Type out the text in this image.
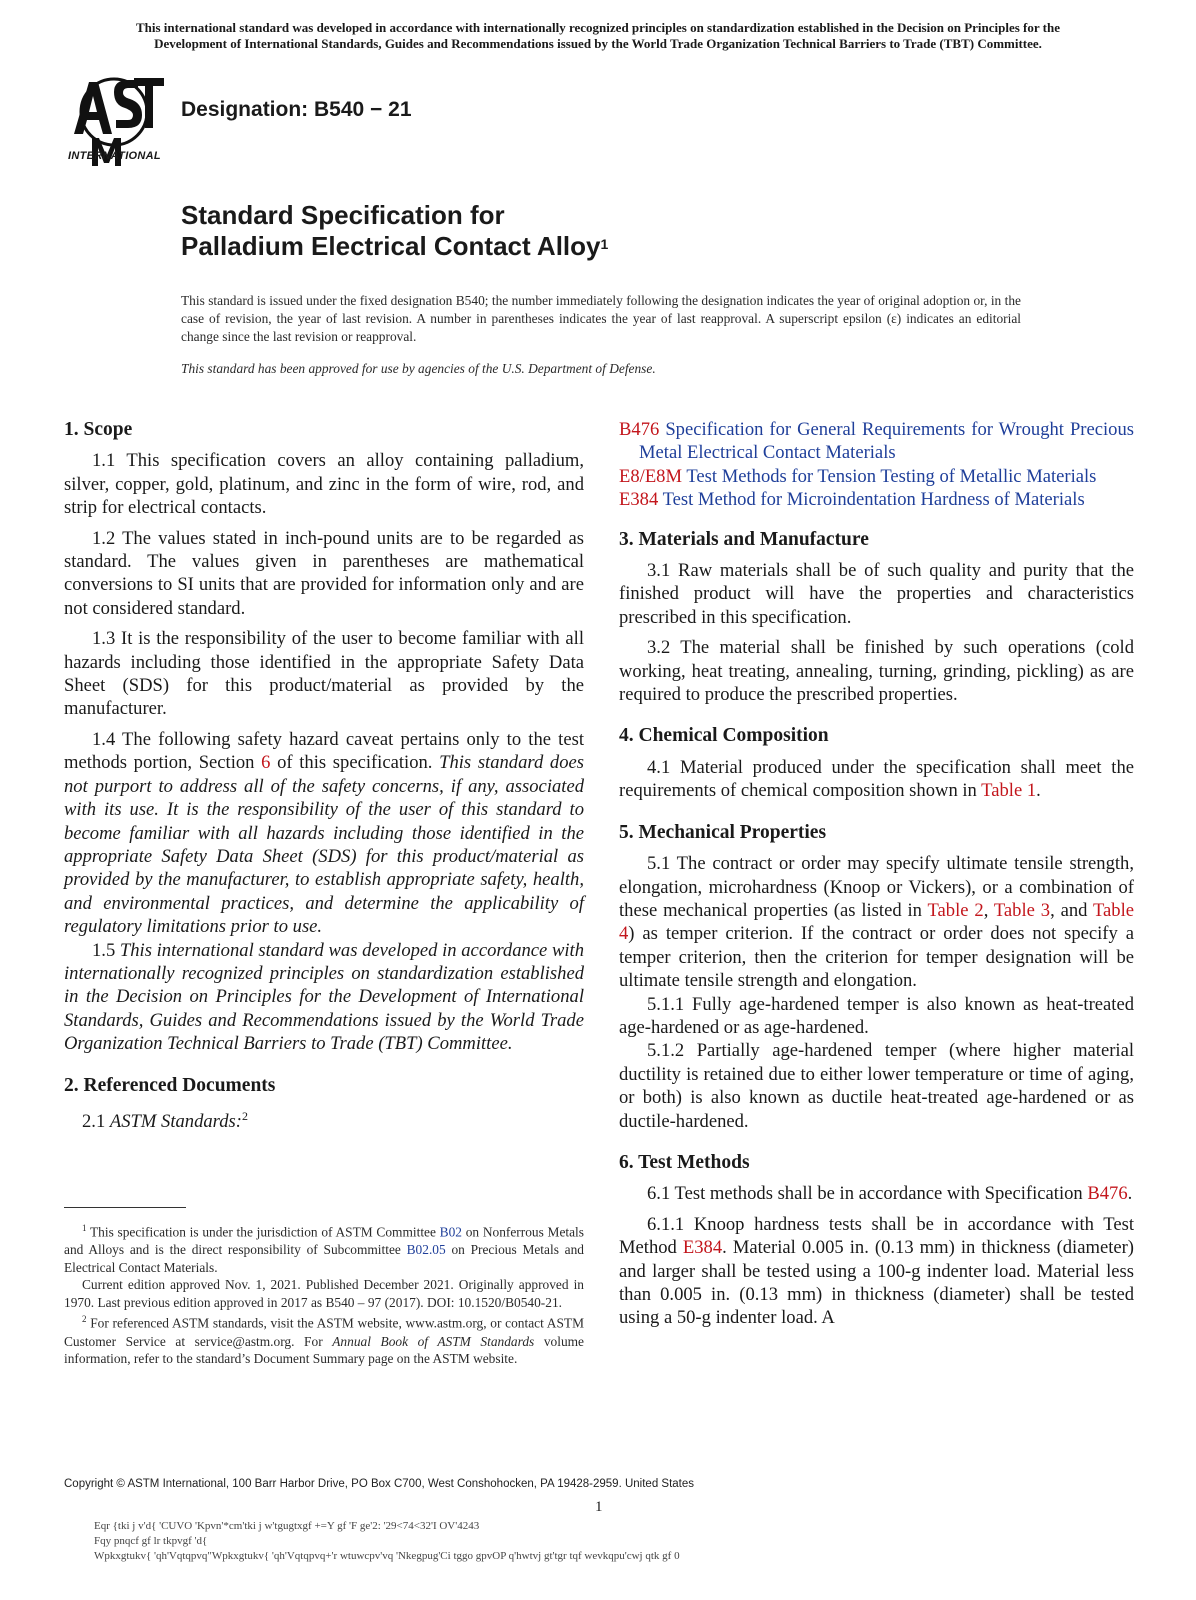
This international standard was developed in accordance with internationally recognized principles on standardization established in the Decision on Principles for the
Development of International Standards, Guides and Recommendations issued by the World Trade Organization Technical Barriers to Trade (TBT) Committee.
INTERNATIONAL
Designation: B540 − 21
Standard Specification for
Palladium Electrical Contact Alloy$^1$
This standard is issued under the fixed designation B540; the number immediately following the designation indicates the year of original adoption or, in the case of revision, the year of last revision. A number in parentheses indicates the year of last reapproval. A superscript epsilon (ε) indicates an editorial change since the last revision or reapproval.
This standard has been approved for use by agencies of the U.S. Department of Defense.
1. Scope

1.1 This specification covers an alloy containing palladium, silver, copper, gold, platinum, and zinc in the form of wire, rod, and strip for electrical contacts.

1.2 The values stated in inch-pound units are to be regarded as standard. The values given in parentheses are mathematical conversions to SI units that are provided for information only and are not considered standard.

1.3 It is the responsibility of the user to become familiar with all hazards including those identified in the appropriate Safety Data Sheet (SDS) for this product/material as provided by the manufacturer.

1.4 The following safety hazard caveat pertains only to the test methods portion, Section 6 of this specification. This standard does not purport to address all of the safety concerns, if any, associated with its use. It is the responsibility of the user of this standard to become familiar with all hazards including those identified in the appropriate Safety Data Sheet (SDS) for this product/material as provided by the manufacturer, to establish appropriate safety, health, and environmental practices, and determine the applicability of regulatory limitations prior to use.

1.5 This international standard was developed in accordance with internationally recognized principles on standardization established in the Decision on Principles for the Development of International Standards, Guides and Recommendations issued by the World Trade Organization Technical Barriers to Trade (TBT) Committee.

2. Referenced Documents

2.1 ASTM Standards:$^2$

B476 Specification for General Requirements for Wrought Precious Metal Electrical Contact Materials

E8/E8M Test Methods for Tension Testing of Metallic Materials

E384 Test Method for Microindentation Hardness of Materials

3. Materials and Manufacture

3.1 Raw materials shall be of such quality and purity that the finished product will have the properties and characteristics prescribed in this specification.

3.2 The material shall be finished by such operations (cold working, heat treating, annealing, turning, grinding, pickling) as are required to produce the prescribed properties.

4. Chemical Composition

4.1 Material produced under the specification shall meet the requirements of chemical composition shown in Table 1.

5. Mechanical Properties

5.1 The contract or order may specify ultimate tensile strength, elongation, microhardness (Knoop or Vickers), or a combination of these mechanical properties (as listed in Table 2, Table 3, and Table 4) as temper criterion. If the contract or order does not specify a temper criterion, then the criterion for temper designation will be ultimate tensile strength and elongation.

5.1.1 Fully age-hardened temper is also known as heat-treated age-hardened or as age-hardened.

5.1.2 Partially age-hardened temper (where higher material ductility is retained due to either lower temperature or time of aging, or both) is also known as ductile heat-treated age-hardened or as ductile-hardened.

6. Test Methods

6.1 Test methods shall be in accordance with Specification B476.

6.1.1 Knoop hardness tests shall be in accordance with Test Method E384. Material 0.005 in. (0.13 mm) in thickness (diameter) and larger shall be tested using a 100-g indenter load. Material less than 0.005 in. (0.13 mm) in thickness (diameter) shall be tested using a 50-g indenter load. A

$^1$ This specification is under the jurisdiction of ASTM Committee B02 on Nonferrous Metals and Alloys and is the direct responsibility of Subcommittee B02.05 on Precious Metals and Electrical Contact Materials.

Current edition approved Nov. 1, 2021. Published December 2021. Originally approved in 1970. Last previous edition approved in 2017 as B540 – 97 (2017). DOI: 10.1520/B0540-21.

$^2$ For referenced ASTM standards, visit the ASTM website, www.astm.org, or contact ASTM Customer Service at service@astm.org. For Annual Book of ASTM Standards volume information, refer to the standard’s Document Summary page on the ASTM website.

Copyright © ASTM International, 100 Barr Harbor Drive, PO Box C700, West Conshohocken, PA 19428-2959. United States
1
Eqr {tki j v'd{ 'CUVO 'Kpvn'*cm'tki j w'tgugtxgf +=Y gf 'F ge'2: '29<74<32'I OV'4243
Fqy pnqcf gf lr tkpvgf 'd{
Wpkxgtukv{ 'qh'Vqtqpvq"Wpkxgtukv{ 'qh'Vqtqpvq+'r wtuwcpv'vq 'Nkegpug'Ci tggo gpvOP q'hwtvj gt'tgr tqf wevkqpu'cwj qtk gf 0
